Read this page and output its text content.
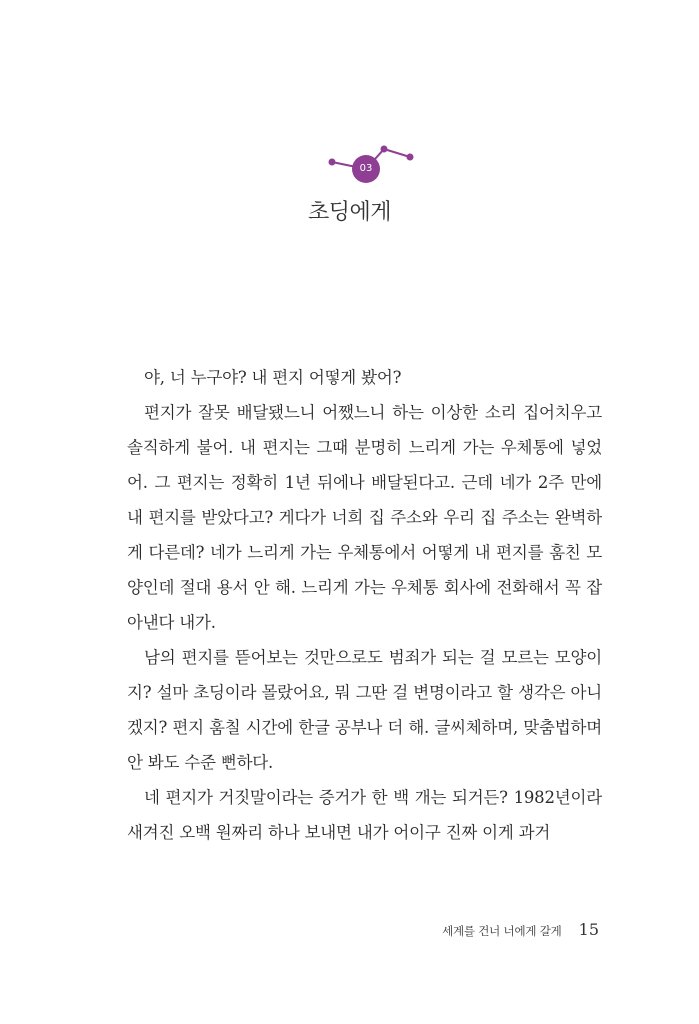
03
초딩에게

야, 너 누구야? 내 편지 어떻게 봤어?

편지가 잘못 배달됐느니 어쨌느니 하는 이상한 소리 집어치우고 솔직하게 불어. 내 편지는 그때 분명히 느리게 가는 우체통에 넣었어. 그 편지는 정확히 1년 뒤에나 배달된다고. 근데 네가 2주 만에 내 편지를 받았다고? 게다가 너희 집 주소와 우리 집 주소는 완벽하게 다른데? 네가 느리게 가는 우체통에서 어떻게 내 편지를 훔친 모양인데 절대 용서 안 해. 느리게 가는 우체통 회사에 전화해서 꼭 잡아낸다 내가.

남의 편지를 뜯어보는 것만으로도 범죄가 되는 걸 모르는 모양이지? 설마 초딩이라 몰랐어요, 뭐 그딴 걸 변명이라고 할 생각은 아니겠지? 편지 훔칠 시간에 한글 공부나 더 해. 글씨체하며, 맞춤법하며 안 봐도 수준 뻔하다.

네 편지가 거짓말이라는 증거가 한 백 개는 되거든? 1982년이라 새겨진 오백 원짜리 하나 보내면 내가 어이구 진짜 이게 과거

세계를 건너 너에게 갈게 15
